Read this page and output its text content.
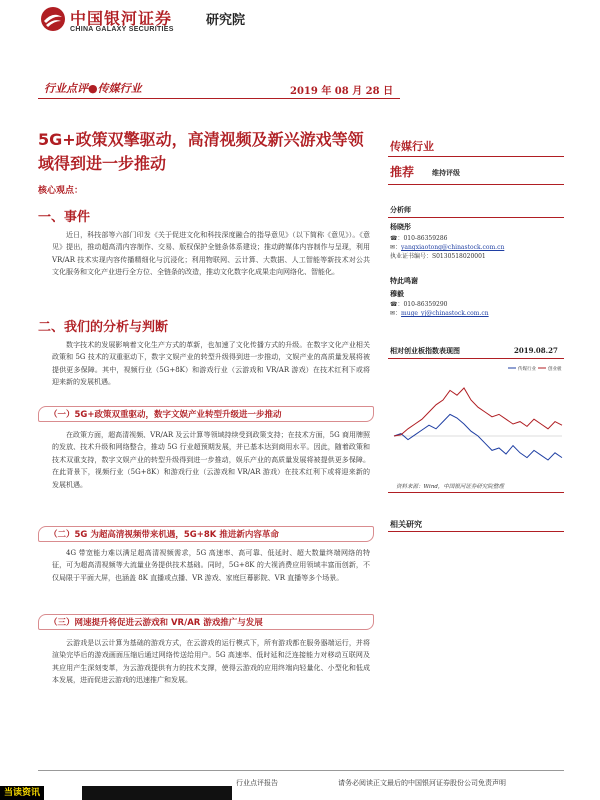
中国银河证券
CHINA GALAXY SECURITIES
研究院
行业点评●传媒行业	2019 年 08 月 28 日
5G+政策双擎驱动，高清视频及新兴游戏等领域得到进一步推动
核心观点：
一、事件
近日，科技部等六部门印发《关于促进文化和科技深度融合的指导意见》（以下简称《意见》）。《意见》提出，推动超高清内容制作、交易、版权保护全链条体系建设；推动跨媒体内容制作与呈现，利用 VR/AR 技术实现内容传播精细化与沉浸化；利用物联网、云计算、大数据、人工智能等新技术对公共文化服务和文化产业进行全方位、全链条的改造，推动文化数字化成果走向网络化、智能化。
二、我们的分析与判断
数字技术的发展影响着文化生产方式的革新，也加速了文化传播方式的升级。在数字文化产业相关政策和 5G 技术的双重驱动下，数字文娱产业的转型升级得到进一步推动，文娱产业的高质量发展将被提供更多保障。其中，视频行业（5G+8K）和游戏行业（云游戏和 VR/AR 游戏）在技术红利下或将迎来新的发展机遇。
（一）5G+政策双重驱动，数字文娱产业转型升级进一步推动
在政策方面，超高清视频、VR/AR 及云计算等领域持续受到政策支持；在技术方面，5G 商用牌照的发放、技术升级和网络整合，推动 5G 行业超预期发展，并已基本达到商用水平。因此，随着政策和技术双重支持，数字文娱产业的转型升级得到进一步推动，娱乐产业的高质量发展将被提供更多保障。在此背景下，视频行业（5G+8K）和游戏行业（云游戏和 VR/AR 游戏）在技术红利下或将迎来新的发展机遇。
（二）5G 为超高清视频带来机遇，5G+8K 推进新内容革命
4G 带宽能力难以满足超高清视频需求，5G 高速率、高可靠、低延时、超大数量终端网络的特征，可为超高清视频等大流量业务提供技术基础。同时，5G+8K 的大视消费应用领域丰富而创新，不仅局限于平面大屏，也涵盖 8K 直播或点播、VR 游戏、家庭巨幕影院、VR 直播等多个场景。
（三）网速提升将促进云游戏和 VR/AR 游戏推广与发展
云游戏是以云计算为基础的游戏方式，在云游戏的运行模式下，所有游戏都在服务器端运行，并将渲染完毕后的游戏画面压缩后通过网络传送给用户。5G 高速率、低时延和泛连接能力对移动互联网及其应用产生深刻变革，为云游戏提供有力的技术支撑，使得云游戏的应用终端向轻量化、小型化和低成本发展，进而促进云游戏的迅速推广和发展。
传媒行业
推荐	维持评级
分析师
杨晓彤
☎：010-86359286
✉：yangxiaotong@chinastock.com.cn
执业证书编号：S0130518020001
特此鸣谢
穆毅
☎：010-86359290
✉：muge_yj@chinastock.com.cn
相对创业板指数表现图	2019.08.27
传媒行业	创业板
资料来源：Wind，中国银河证券研究院整理
相关研究
行业点评报告	请务必阅读正文最后的中国银河证券股份公司免责声明
当读资讯
